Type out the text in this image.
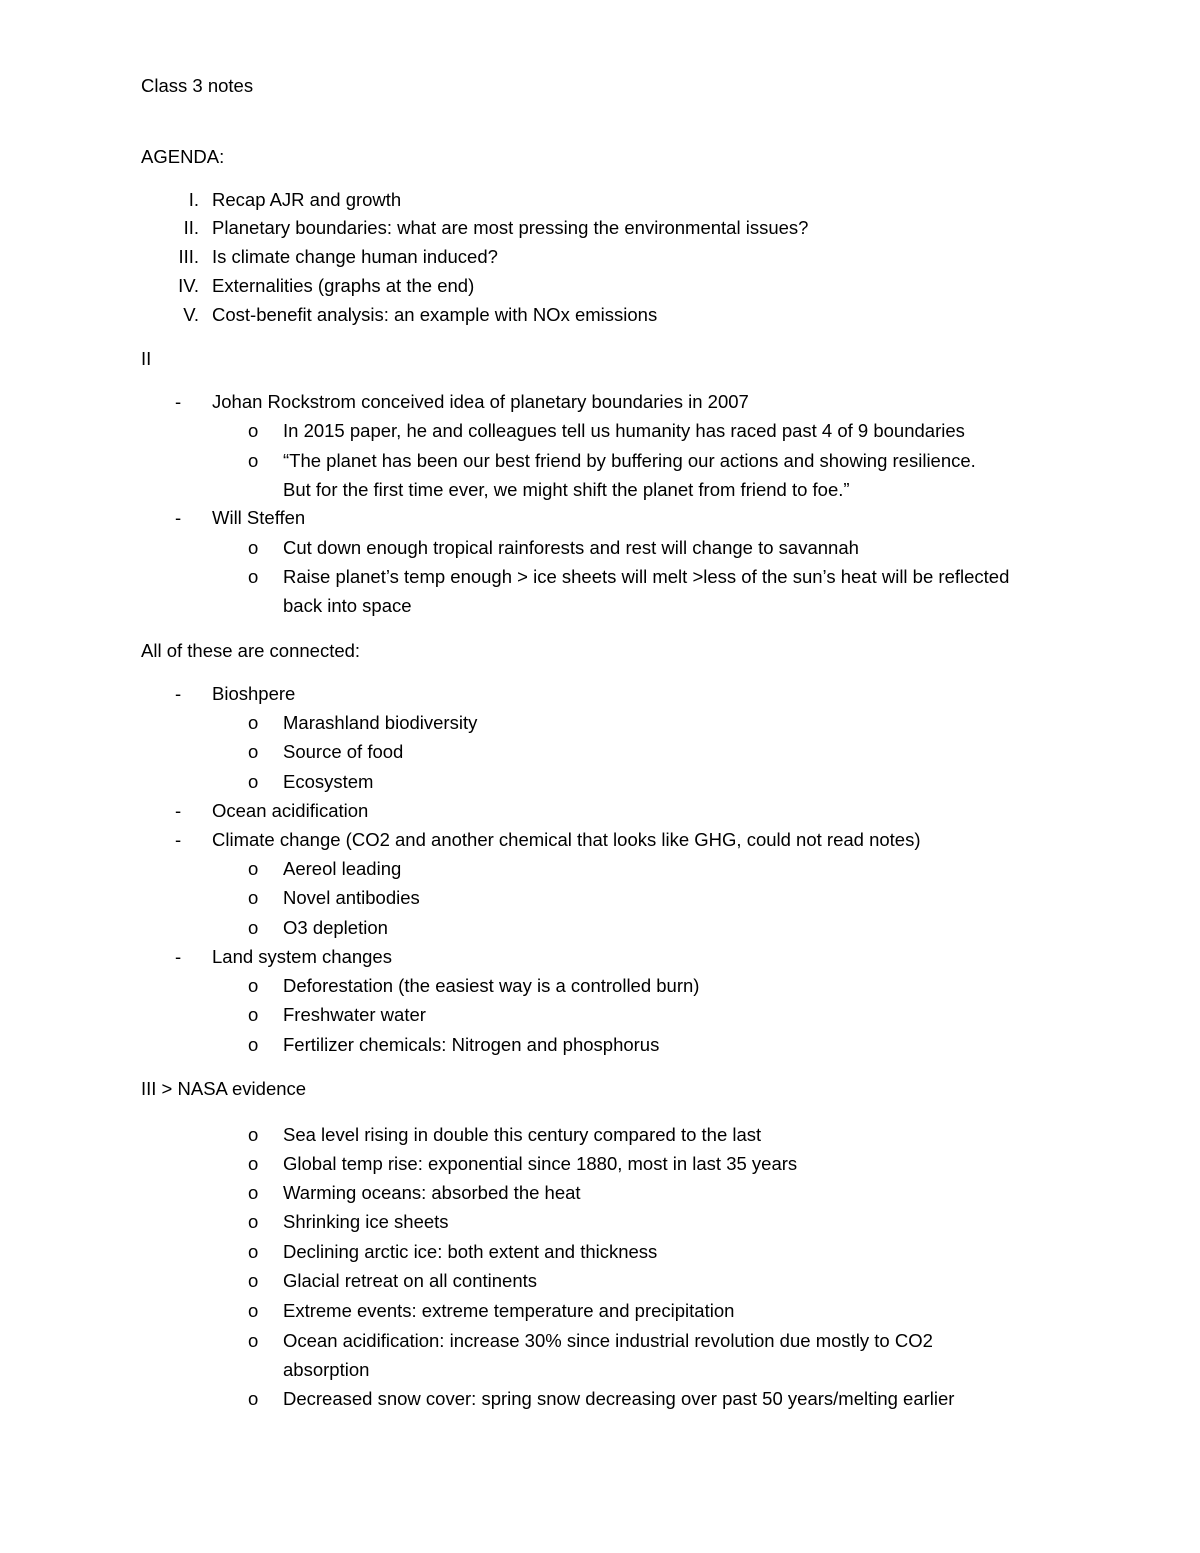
Class 3 notes
AGENDA:
I. Recap AJR and growth
II. Planetary boundaries: what are most pressing the environmental issues?
III. Is climate change human induced?
IV. Externalities (graphs at the end)
V. Cost-benefit analysis: an example with NOx emissions
II
- Johan Rockstrom conceived idea of planetary boundaries in 2007
o In 2015 paper, he and colleagues tell us humanity has raced past 4 of 9 boundaries
o “The planet has been our best friend by buffering our actions and showing resilience.
But for the first time ever, we might shift the planet from friend to foe.”
- Will Steffen
o Cut down enough tropical rainforests and rest will change to savannah
o Raise planet’s temp enough > ice sheets will melt >less of the sun’s heat will be reflected
back into space
All of these are connected:
- Bioshpere
o Marashland biodiversity
o Source of food
o Ecosystem
- Ocean acidification
- Climate change (CO2 and another chemical that looks like GHG, could not read notes)
o Aereol leading
o Novel antibodies
o O3 depletion
- Land system changes
o Deforestation (the easiest way is a controlled burn)
o Freshwater water
o Fertilizer chemicals: Nitrogen and phosphorus
III > NASA evidence
o Sea level rising in double this century compared to the last
o Global temp rise: exponential since 1880, most in last 35 years
o Warming oceans: absorbed the heat
o Shrinking ice sheets
o Declining arctic ice: both extent and thickness
o Glacial retreat on all continents
o Extreme events: extreme temperature and precipitation
o Ocean acidification: increase 30% since industrial revolution due mostly to CO2
absorption
o Decreased snow cover: spring snow decreasing over past 50 years/melting earlier
